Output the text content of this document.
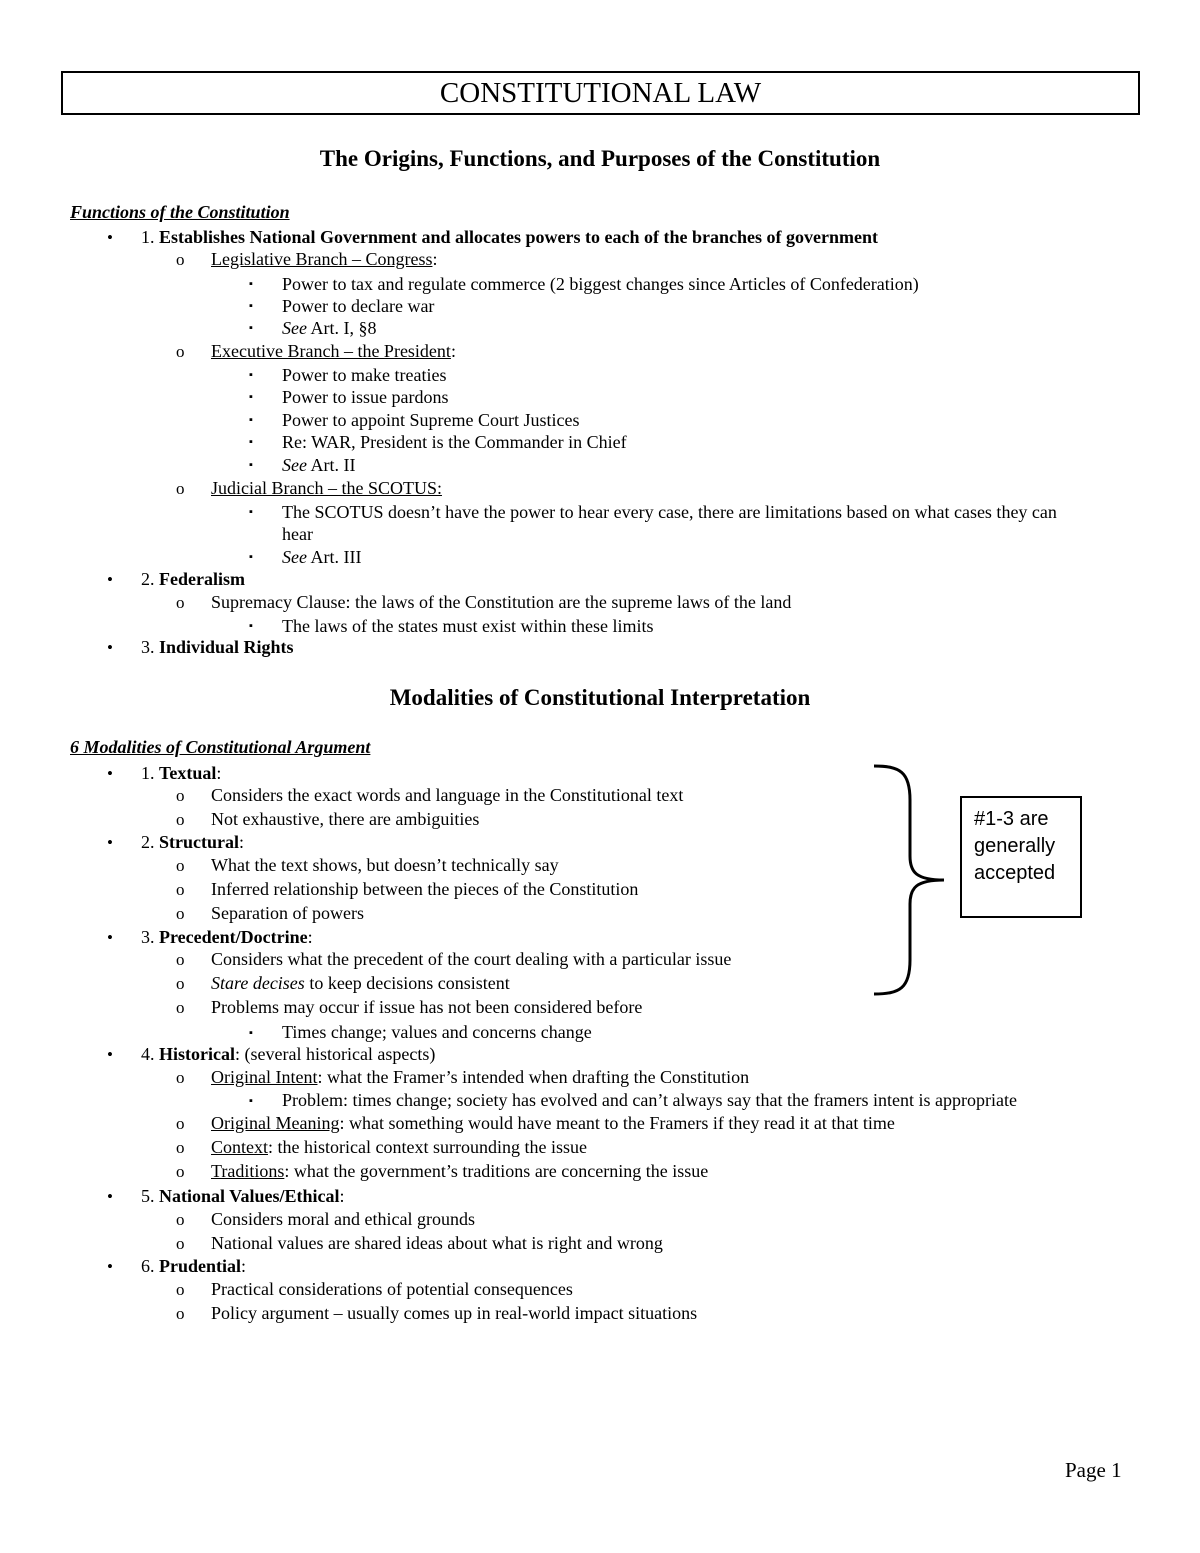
CONSTITUTIONAL LAW
The Origins, Functions, and Purposes of the Constitution
Functions of the Constitution
• 1. Establishes National Government and allocates powers to each of the branches of government
o Legislative Branch – Congress:
▪ Power to tax and regulate commerce (2 biggest changes since Articles of Confederation)
▪ Power to declare war
▪ See Art. I, §8
o Executive Branch – the President:
▪ Power to make treaties
▪ Power to issue pardons
▪ Power to appoint Supreme Court Justices
▪ Re: WAR, President is the Commander in Chief
▪ See Art. II
o Judicial Branch – the SCOTUS:
▪ The SCOTUS doesn’t have the power to hear every case, there are limitations based on what cases they can
hear
▪ See Art. III
• 2. Federalism
o Supremacy Clause: the laws of the Constitution are the supreme laws of the land
▪ The laws of the states must exist within these limits
• 3. Individual Rights
Modalities of Constitutional Interpretation
6 Modalities of Constitutional Argument
• 1. Textual:
o Considers the exact words and language in the Constitutional text
o Not exhaustive, there are ambiguities
• 2. Structural:
o What the text shows, but doesn’t technically say
o Inferred relationship between the pieces of the Constitution
o Separation of powers
• 3. Precedent/Doctrine:
o Considers what the precedent of the court dealing with a particular issue
o Stare decises to keep decisions consistent
o Problems may occur if issue has not been considered before
▪ Times change; values and concerns change
• 4. Historical: (several historical aspects)
o Original Intent: what the Framer’s intended when drafting the Constitution
▪ Problem: times change; society has evolved and can’t always say that the framers intent is appropriate
o Original Meaning: what something would have meant to the Framers if they read it at that time
o Context: the historical context surrounding the issue
o Traditions: what the government’s traditions are concerning the issue
• 5. National Values/Ethical:
o Considers moral and ethical grounds
o National values are shared ideas about what is right and wrong
• 6. Prudential:
o Practical considerations of potential consequences
o Policy argument – usually comes up in real-world impact situations
#1-3 are
generally
accepted
Page 1
